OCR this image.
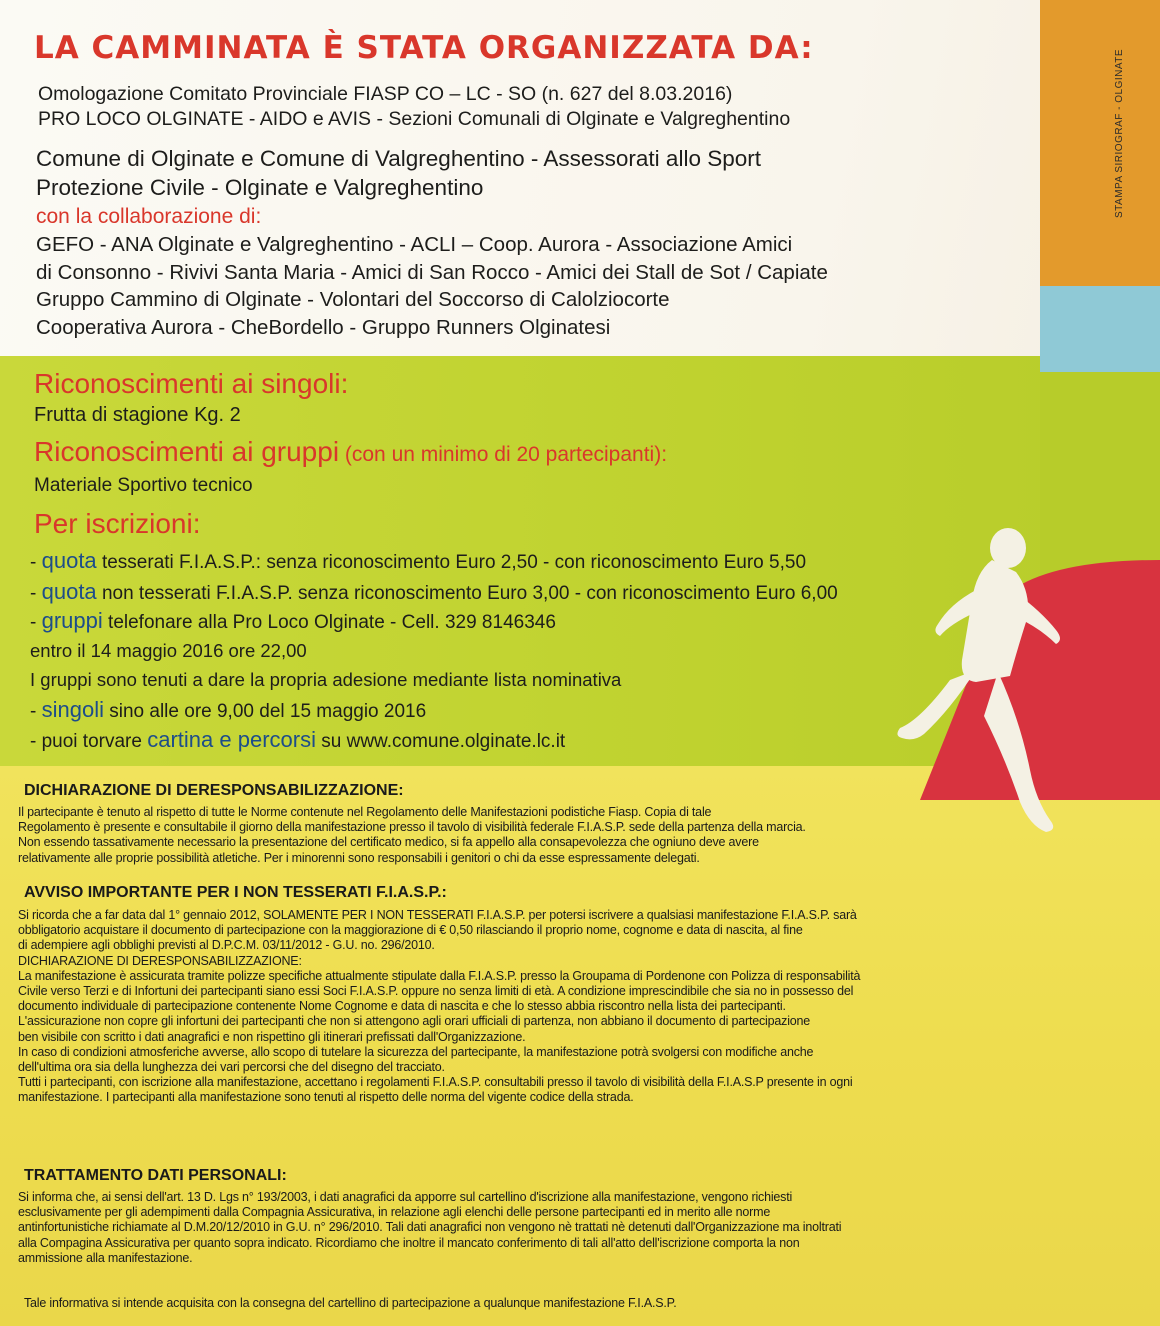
LA CAMMINATA È STATA ORGANIZZATA DA:
Omologazione Comitato Provinciale FIASP CO – LC - SO (n. 627 del 8.03.2016)
PRO LOCO OLGINATE - AIDO e AVIS - Sezioni Comunali di Olginate e Valgreghentino
Comune di Olginate e Comune di Valgreghentino - Assessorati allo Sport
Protezione Civile - Olginate e Valgreghentino
con la collaborazione di:
GEFO - ANA Olginate e Valgreghentino - ACLI – Coop. Aurora - Associazione Amici
di Consonno - Rivivi Santa Maria - Amici di San Rocco - Amici dei Stall de Sot / Capiate
Gruppo Cammino di Olginate - Volontari del Soccorso di Calolziocorte
Cooperativa Aurora - CheBordello - Gruppo Runners Olginatesi
STAMPA SIRIOGRAF - OLGINATE
Riconoscimenti ai singoli:
Frutta di stagione Kg. 2
Riconoscimenti ai gruppi (con un minimo di 20 partecipanti):
Materiale Sportivo tecnico
Per iscrizioni:
- quota tesserati F.I.A.S.P.: senza riconoscimento Euro 2,50 - con riconoscimento Euro 5,50
- quota non tesserati F.I.A.S.P. senza riconoscimento Euro 3,00 - con riconoscimento Euro 6,00
- gruppi telefonare alla Pro Loco Olginate - Cell. 329 8146346
entro il 14 maggio 2016 ore 22,00
I gruppi sono tenuti a dare la propria adesione mediante lista nominativa
- singoli sino alle ore 9,00 del 15 maggio 2016
- puoi torvare cartina e percorsi su www.comune.olginate.lc.it
DICHIARAZIONE DI DERESPONSABILIZZAZIONE:
Il partecipante è tenuto al rispetto di tutte le Norme contenute nel Regolamento delle Manifestazioni podistiche Fiasp. Copia di tale
Regolamento è presente e consultabile il giorno della manifestazione presso il tavolo di visibilità federale F.I.A.S.P. sede della partenza della marcia.
Non essendo tassativamente necessario la presentazione del certificato medico, si fa appello alla consapevolezza che ogniuno deve avere
relativamente alle proprie possibilità atletiche. Per i minorenni sono responsabili i genitori o chi da esse espressamente delegati.
AVVISO IMPORTANTE PER I NON TESSERATI F.I.A.S.P.:
Si ricorda che a far data dal 1° gennaio 2012, SOLAMENTE PER I NON TESSERATI F.I.A.S.P. per potersi iscrivere a qualsiasi manifestazione F.I.A.S.P. sarà
obbligatorio acquistare il documento di partecipazione con la maggiorazione di € 0,50 rilasciando il proprio nome, cognome e data di nascita, al fine
di adempiere agli obblighi previsti al D.P.C.M. 03/11/2012 - G.U. no. 296/2010.
DICHIARAZIONE DI DERESPONSABILIZZAZIONE:
La manifestazione è assicurata tramite polizze specifiche attualmente stipulate dalla F.I.A.S.P. presso la Groupama di Pordenone con Polizza di responsabilità
Civile verso Terzi e di Infortuni dei partecipanti siano essi Soci F.I.A.S.P. oppure no senza limiti di età. A condizione imprescindibile che sia no in possesso del
documento individuale di partecipazione contenente Nome Cognome e data di nascita e che lo stesso abbia riscontro nella lista dei partecipanti.
L'assicurazione non copre gli infortuni dei partecipanti che non si attengono agli orari ufficiali di partenza, non abbiano il documento di partecipazione
ben visibile con scritto i dati anagrafici e non rispettino gli itinerari prefissati dall'Organizzazione.
In caso di condizioni atmosferiche avverse, allo scopo di tutelare la sicurezza del partecipante, la manifestazione potrà svolgersi con modifiche anche
dell'ultima ora sia della lunghezza dei vari percorsi che del disegno del tracciato.
Tutti i partecipanti, con iscrizione alla manifestazione, accettano i regolamenti F.I.A.S.P. consultabili presso il tavolo di visibilità della F.I.A.S.P presente in ogni
manifestazione. I partecipanti alla manifestazione sono tenuti al rispetto delle norma del vigente codice della strada.
TRATTAMENTO DATI PERSONALI:
Si informa che, ai sensi dell'art. 13 D. Lgs n° 193/2003, i dati anagrafici da apporre sul cartellino d'iscrizione alla manifestazione, vengono richiesti
esclusivamente per gli adempimenti dalla Compagnia Assicurativa, in relazione agli elenchi delle persone partecipanti ed in merito alle norme
antinfortunistiche richiamate al D.M.20/12/2010 in G.U. n° 296/2010. Tali dati anagrafici non vengono nè trattati nè detenuti dall'Organizzazione ma inoltrati
alla Compagina Assicurativa per quanto sopra indicato. Ricordiamo che inoltre il mancato conferimento di tali all'atto dell'iscrizione comporta la non
ammissione alla manifestazione.
Tale informativa si intende acquisita con la consegna del cartellino di partecipazione a qualunque manifestazione F.I.A.S.P.
